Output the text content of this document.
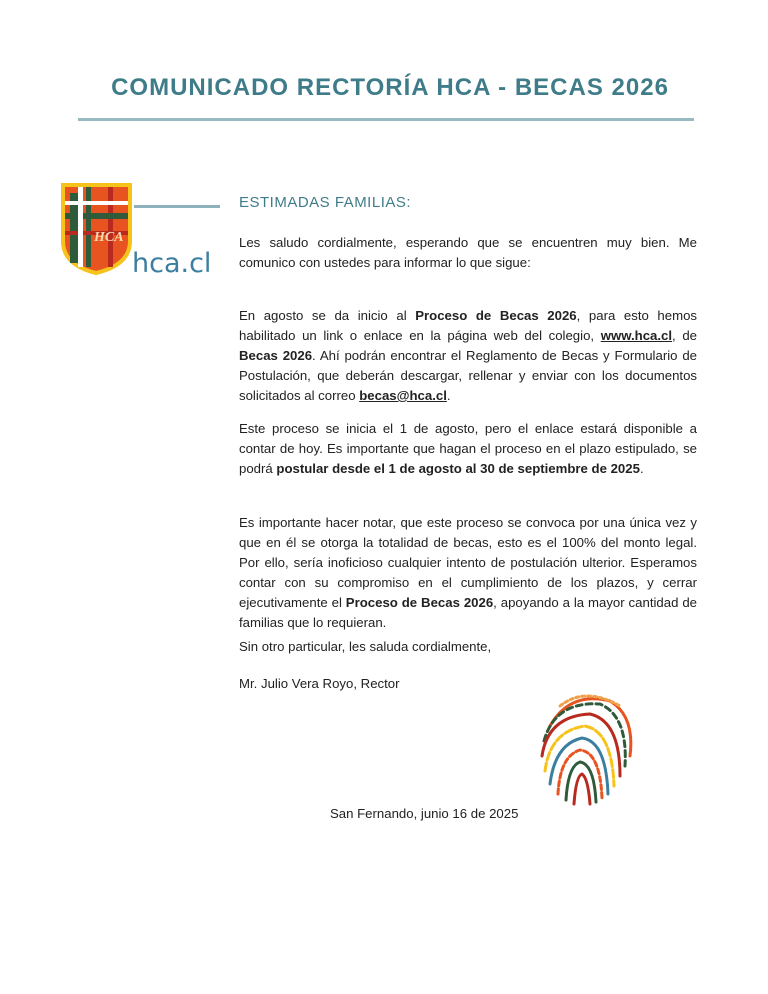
COMUNICADO RECTORÍA HCA - BECAS 2026
HCA
hca.cl
ESTIMADAS FAMILIAS:

Les saludo cordialmente, esperando que se encuentren muy bien. Me comunico con ustedes para informar lo que sigue:

En agosto se da inicio al Proceso de Becas 2026, para esto hemos habilitado un link o enlace en la página web del colegio, www.hca.cl, de Becas 2026. Ahí podrán encontrar el Reglamento de Becas y Formulario de Postulación, que deberán descargar, rellenar y enviar con los documentos solicitados al correo becas@hca.cl.

Este proceso se inicia el 1 de agosto, pero el enlace estará disponible a contar de hoy. Es importante que hagan el proceso en el plazo estipulado, se podrá postular desde el 1 de agosto al 30 de septiembre de 2025.

Es importante hacer notar, que este proceso se convoca por una única vez y que en él se otorga la totalidad de becas, esto es el 100% del monto legal. Por ello, sería inoficioso cualquier intento de postulación ulterior. Esperamos contar con su compromiso en el cumplimiento de los plazos, y cerrar ejecutivamente el Proceso de Becas 2026, apoyando a la mayor cantidad de familias que lo requieran.

Sin otro particular, les saluda cordialmente,

Mr. Julio Vera Royo, Rector
San Fernando, junio 16 de 2025
